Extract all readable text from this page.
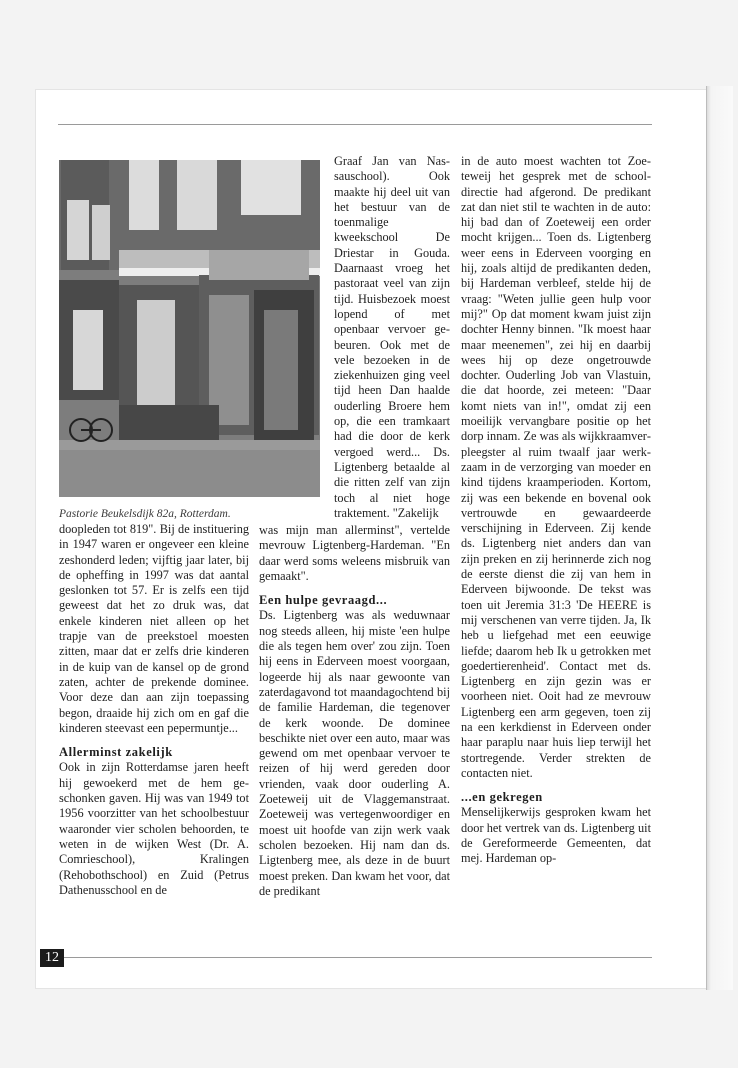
Pastorie Beukelsdijk 82a, Rotterdam.

doopleden tot 819". Bij de instituering in 1947 waren er ongeveer een kleine zeshonderd leden; vijftig jaar later, bij de opheffing in 1997 was dat aantal geslonken tot 57. Er is zelfs een tijd geweest dat het zo druk was, dat enkele kinderen niet alleen op het trapje van de preekstoel moesten zitten, maar dat er zelfs drie kinderen in de kuip van de kansel op de grond zaten, achter de prekende dominee. Voor deze dan aan zijn toepassing begon, draaide hij zich om en gaf die kinderen steevast een pepermuntje...

Allerminst zakelijk

Ook in zijn Rotterdamse jaren heeft hij gewoekerd met de hem geschonken gaven. Hij was van 1949 tot 1956 voorzitter van het schoolbestuur waaronder vier scholen behoorden, te weten in de wijken West (Dr. A. Comrieschool), Kralingen (Rehobothschool) en Zuid (Petrus Dathenusschool en de

Graaf Jan van Nassauschool). Ook maakte hij deel uit van het bestuur van de toenmalige kweekschool De Driestar in Gouda. Daarnaast vroeg het pastoraat veel van zijn tijd. Huisbezoek moest lopend of met openbaar vervoer gebeuren. Ook met de vele bezoeken in de ziekenhuizen ging veel tijd heen Dan haalde ouderling Broere hem op, die een tramkaart had die door de kerk vergoed werd... Ds. Ligtenberg betaalde al die ritten zelf van zijn toch al niet hoge traktement. "Zakelijk

was mijn man allerminst", vertelde mevrouw Ligtenberg-Hardeman. "En daar werd soms weleens misbruik van gemaakt".

Een hulpe gevraagd...

Ds. Ligtenberg was als weduwnaar nog steeds alleen, hij miste 'een hulpe die als tegen hem over' zou zijn. Toen hij eens in Ederveen moest voorgaan, logeerde hij als naar gewoonte van zaterdagavond tot maandagochtend bij de familie Hardeman, die tegenover de kerk woonde. De dominee beschikte niet over een auto, maar was gewend om met openbaar vervoer te reizen of hij werd gereden door vrienden, vaak door ouderling A. Zoeteweij uit de Vlaggemanstraat. Zoeteweij was vertegenwoordiger en moest uit hoofde van zijn werk vaak scholen bezoeken. Hij nam dan ds. Ligtenberg mee, als deze in de buurt moest preken. Dan kwam het voor, dat de predikant

in de auto moest wachten tot Zoeteweij het gesprek met de schooldirectie had afgerond. De predikant zat dan niet stil te wachten in de auto: hij bad dan of Zoeteweij een order mocht krijgen... Toen ds. Ligtenberg weer eens in Ederveen voorging en hij, zoals altijd de predikanten deden, bij Hardeman verbleef, stelde hij de vraag: "Weten jullie geen hulp voor mij?" Op dat moment kwam juist zijn dochter Henny binnen. "Ik moest haar maar meenemen", zei hij en daarbij wees hij op deze ongetrouwde dochter. Ouderling Job van Vlastuin, die dat hoorde, zei meteen: "Daar komt niets van in!", omdat zij een moeilijk vervangbare positie op het dorp innam. Ze was als wijkkraamverpleegster al ruim twaalf jaar werkzaam in de verzorging van moeder en kind tijdens kraamperioden. Kortom, zij was een bekende en bovenal ook vertrouwde en gewaardeerde verschijning in Ederveen. Zij kende ds. Ligtenberg niet anders dan van zijn preken en zij herinnerde zich nog de eerste dienst die zij van hem in Ederveen bijwoonde. De tekst was toen uit Jeremia 31:3 'De HEERE is mij verschenen van verre tijden. Ja, Ik heb u liefgehad met een eeuwige liefde; daarom heb Ik u getrokken met goedertierenheid'. Contact met ds. Ligtenberg en zijn gezin was er voorheen niet. Ooit had ze mevrouw Ligtenberg een arm gegeven, toen zij na een kerkdienst in Ederveen onder haar paraplu naar huis liep terwijl het stortregende. Verder strekten de contacten niet.

...en gekregen

Menselijkerwijs gesproken kwam het door het vertrek van ds. Ligtenberg uit de Gereformeerde Gemeenten, dat mej. Hardeman op-

12
